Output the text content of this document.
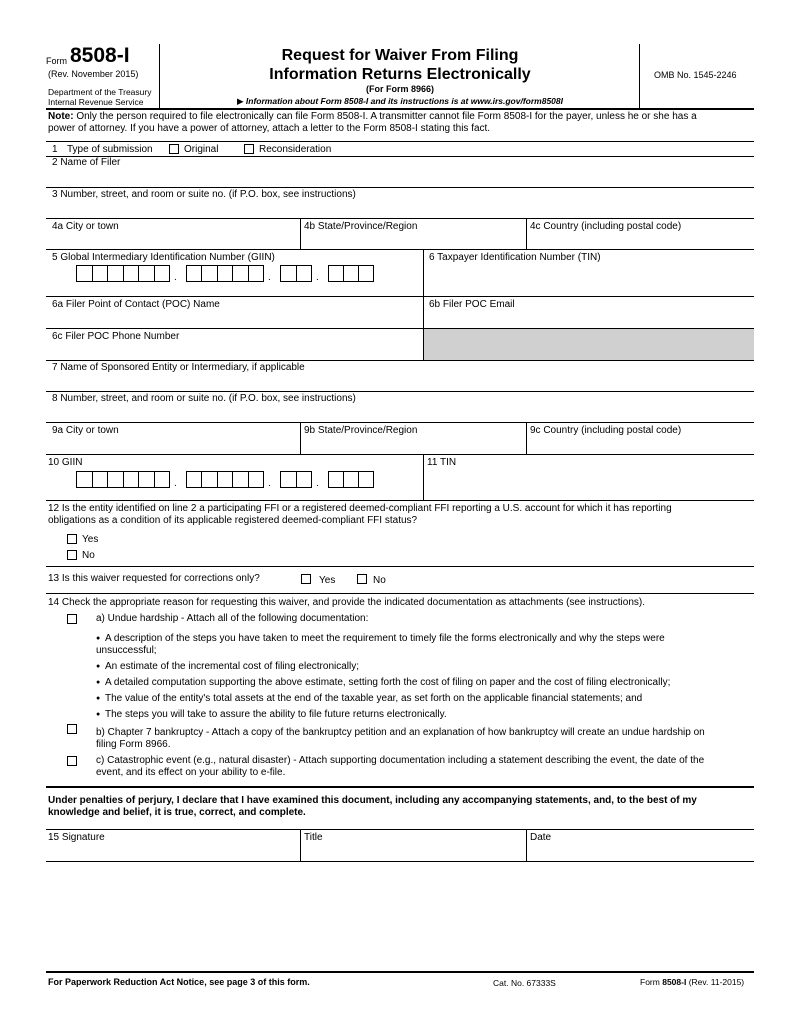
Form 8508-I
(Rev. November 2015)
Department of the Treasury
Internal Revenue Service
Request for Waiver From Filing
Information Returns Electronically
(For Form 8966)
▶ Information about Form 8508-I and its instructions is at www.irs.gov/form8508I
OMB No. 1545-2246
Note: Only the person required to file electronically can file Form 8508-I. A transmitter cannot file Form 8508-I for the payer, unless he or she has a
power of attorney. If you have a power of attorney, attach a letter to the Form 8508-I stating this fact.
1 Type of submission	Original	Reconsideration
2 Name of Filer
3 Number, street, and room or suite no. (if P.O. box, see instructions)
4a City or town	4b State/Province/Region	4c Country (including postal code)
5 Global Intermediary Identification Number (GIIN)
.	.	.
6 Taxpayer Identification Number (TIN)
6a Filer Point of Contact (POC) Name	6b Filer POC Email
6c Filer POC Phone Number
7 Name of Sponsored Entity or Intermediary, if applicable
8 Number, street, and room or suite no. (if P.O. box, see instructions)
9a City or town	9b State/Province/Region	9c Country (including postal code)
10 GIIN
.	.	.
11 TIN
12 Is the entity identified on line 2 a participating FFI or a registered deemed-compliant FFI reporting a U.S. account for which it has reporting
obligations as a condition of its applicable registered deemed-compliant FFI status?
Yes
No
13 Is this waiver requested for corrections only?	Yes	No
14 Check the appropriate reason for requesting this waiver, and provide the indicated documentation as attachments (see instructions).
a) Undue hardship - Attach all of the following documentation:
● A description of the steps you have taken to meet the requirement to timely file the forms electronically and why the steps were
unsuccessful;
● An estimate of the incremental cost of filing electronically;
● A detailed computation supporting the above estimate, setting forth the cost of filing on paper and the cost of filing electronically;
● The value of the entity's total assets at the end of the taxable year, as set forth on the applicable financial statements; and
● The steps you will take to assure the ability to file future returns electronically.
b) Chapter 7 bankruptcy - Attach a copy of the bankruptcy petition and an explanation of how bankruptcy will create an undue hardship on
filing Form 8966.
c) Catastrophic event (e.g., natural disaster) - Attach supporting documentation including a statement describing the event, the date of the
event, and its effect on your ability to e-file.
Under penalties of perjury, I declare that I have examined this document, including any accompanying statements, and, to the best of my
knowledge and belief, it is true, correct, and complete.
15 Signature	Title	Date
For Paperwork Reduction Act Notice, see page 3 of this form.	Cat. No. 67333S	Form 8508-I (Rev. 11-2015)
